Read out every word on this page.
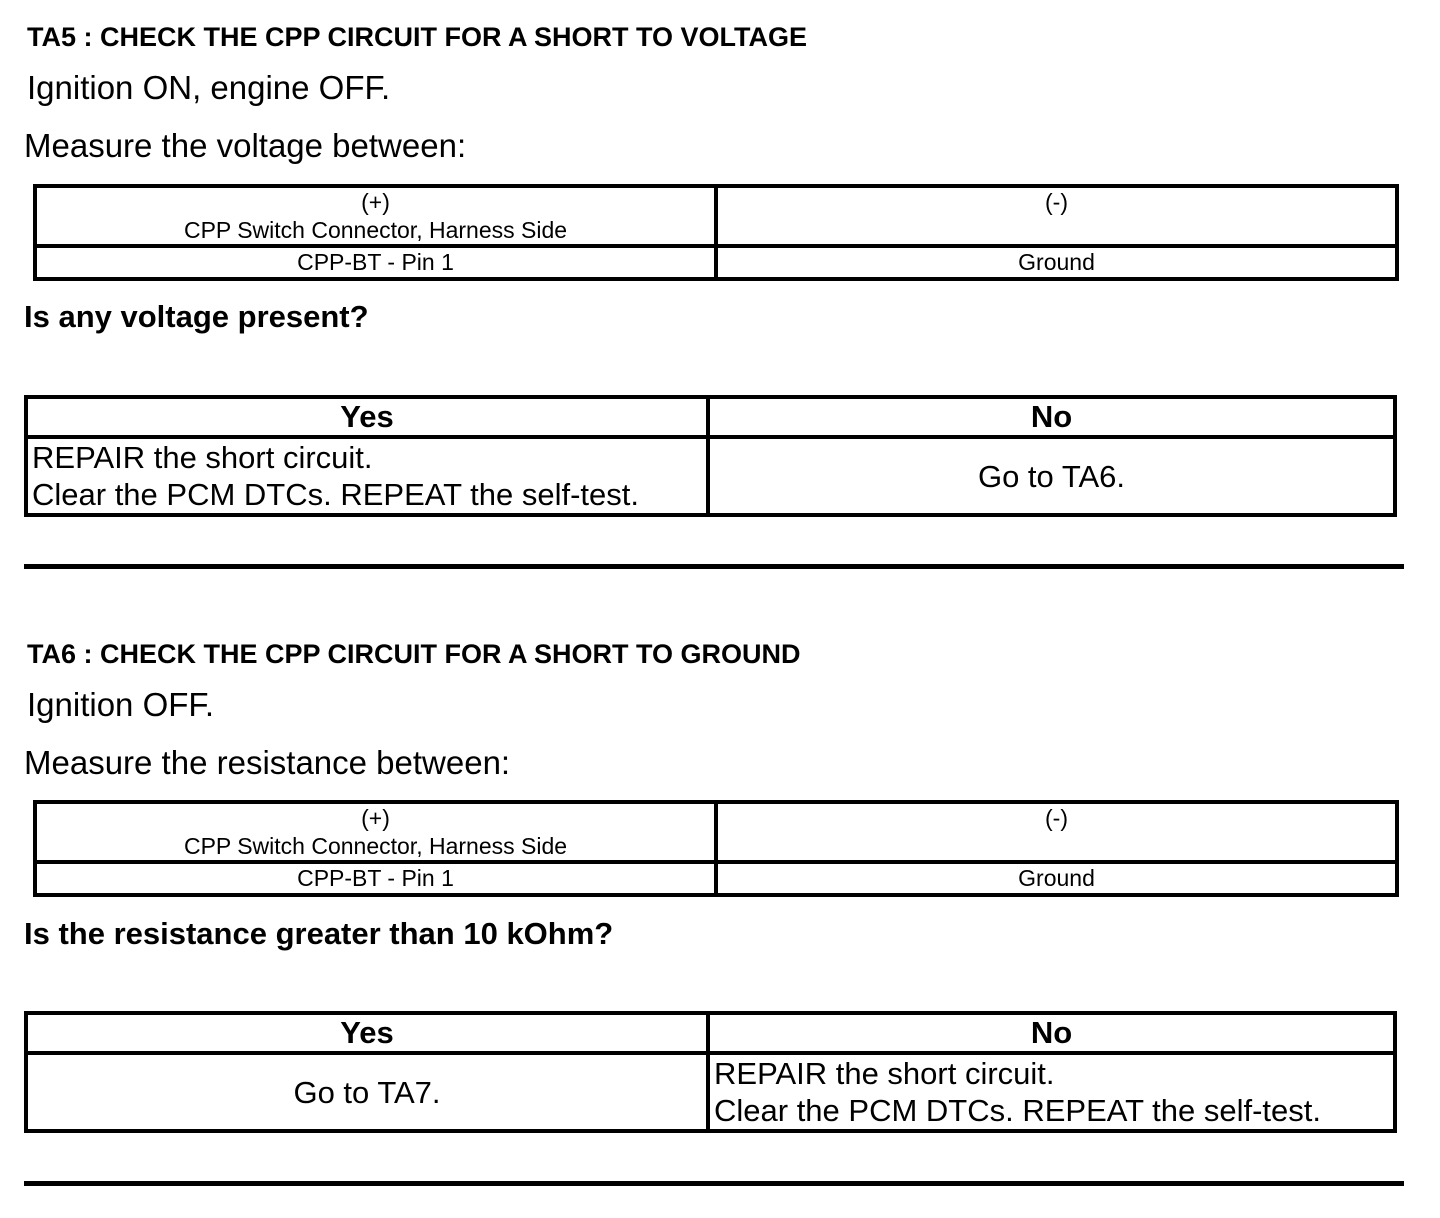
TA5 : CHECK THE CPP CIRCUIT FOR A SHORT TO VOLTAGE
Ignition ON, engine OFF.
Measure the voltage between:
(+)
CPP Switch Connector, Harness Side	(-)

CPP-BT - Pin 1	Ground
Is any voltage present?
Yes	No

REPAIR the short circuit.
Clear the PCM DTCs. REPEAT the self-test.	Go to TA6.
TA6 : CHECK THE CPP CIRCUIT FOR A SHORT TO GROUND
Ignition OFF.
Measure the resistance between:
(+)
CPP Switch Connector, Harness Side	(-)

CPP-BT - Pin 1	Ground
Is the resistance greater than 10 kOhm?
Yes	No
Go to TA7.	REPAIR the short circuit.
Clear the PCM DTCs. REPEAT the self-test.
